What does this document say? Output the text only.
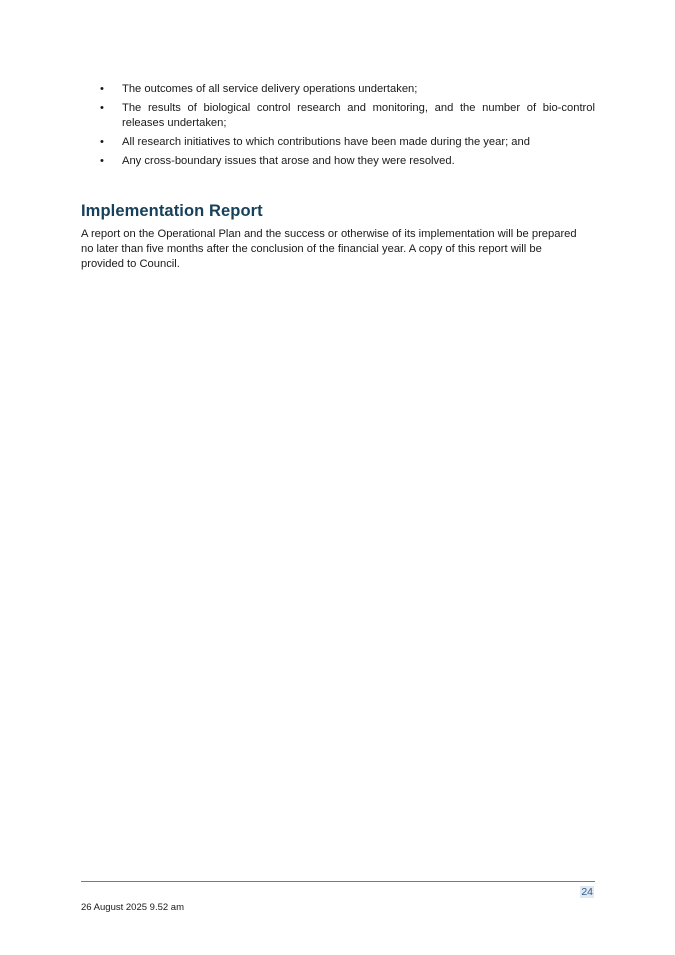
•	The outcomes of all service delivery operations undertaken;
•	The results of biological control research and monitoring, and the number of bio-control releases undertaken;
•	All research initiatives to which contributions have been made during the year; and
•	Any cross-boundary issues that arose and how they were resolved.
Implementation Report

A report on the Operational Plan and the success or otherwise of its implementation will be prepared no later than five months after the conclusion of the financial year. A copy of this report will be provided to Council.

24
26 August 2025 9.52 am
